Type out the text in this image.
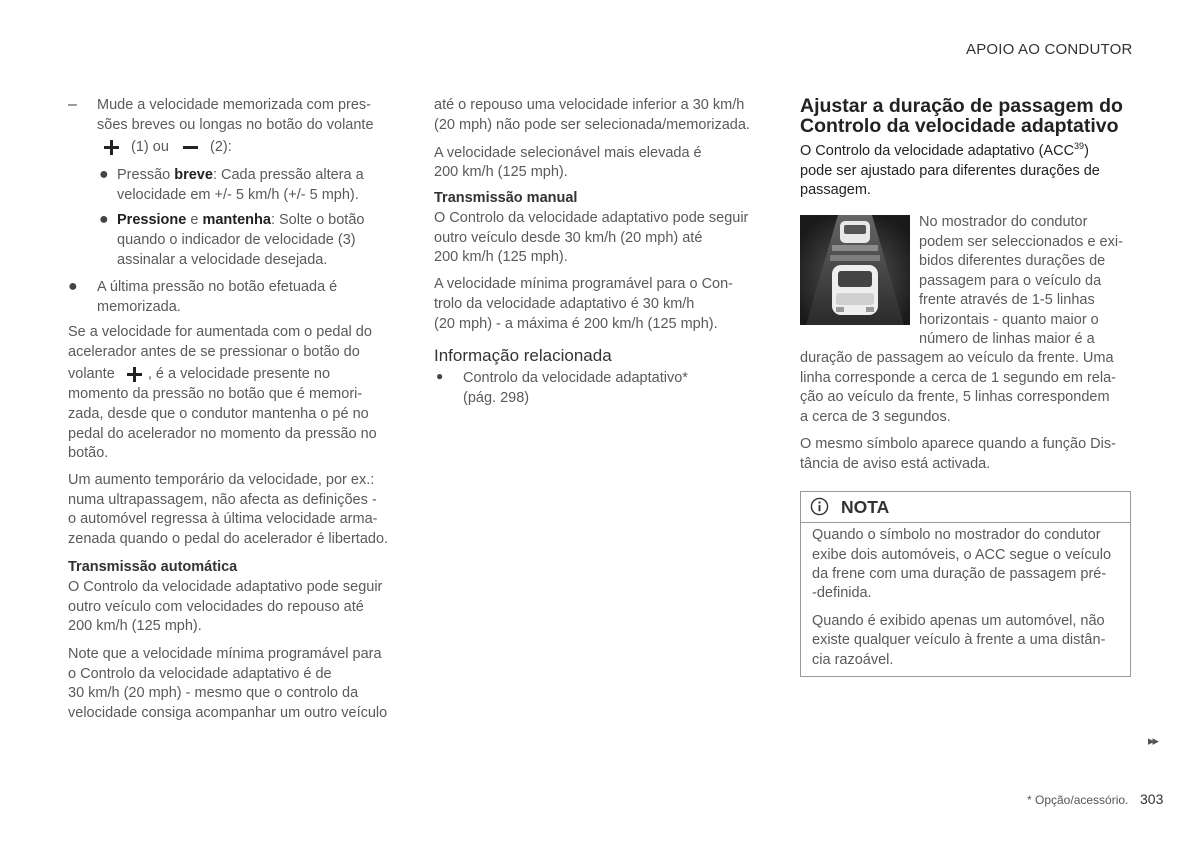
APOIO AO CONDUTOR
– Mude a velocidade memorizada com pres-
sões breves ou longas no botão do volante
(1) ou	(2):
● Pressão breve: Cada pressão altera a
velocidade em +/- 5 km/h (+/- 5 mph).
● Pressione e mantenha: Solte o botão
quando o indicador de velocidade (3)
assinalar a velocidade desejada.
● A última pressão no botão efetuada é
memorizada.
Se a velocidade for aumentada com o pedal do
acelerador antes de se pressionar o botão do
volante , é a velocidade presente no
momento da pressão no botão que é memori-
zada, desde que o condutor mantenha o pé no
pedal do acelerador no momento da pressão no
botão.
Um aumento temporário da velocidade, por ex.:
numa ultrapassagem, não afecta as definições -
o automóvel regressa à última velocidade arma-
zenada quando o pedal do acelerador é libertado.
Transmissão automática
O Controlo da velocidade adaptativo pode seguir
outro veículo com velocidades do repouso até
200 km/h (125 mph).
Note que a velocidade mínima programável para
o Controlo da velocidade adaptativo é de
30 km/h (20 mph) - mesmo que o controlo da
velocidade consiga acompanhar um outro veículo
até o repouso uma velocidade inferior a 30 km/h
(20 mph) não pode ser selecionada/memorizada.
A velocidade selecionável mais elevada é
200 km/h (125 mph).
Transmissão manual
O Controlo da velocidade adaptativo pode seguir
outro veículo desde 30 km/h (20 mph) até
200 km/h (125 mph).
A velocidade mínima programável para o Con-
trolo da velocidade adaptativo é 30 km/h
(20 mph) - a máxima é 200 km/h (125 mph).
Informação relacionada
● Controlo da velocidade adaptativo*
(pág. 298)
Ajustar a duração de passagem do
Controlo da velocidade adaptativo
O Controlo da velocidade adaptativo (ACC$^{39}$)
pode ser ajustado para diferentes durações de
passagem.
No mostrador do condutor
podem ser seleccionados e exi-
bidos diferentes durações de
passagem para o veículo da
frente através de 1-5 linhas
horizontais - quanto maior o
número de linhas maior é a
duração de passagem ao veículo da frente. Uma
linha corresponde a cerca de 1 segundo em rela-
ção ao veículo da frente, 5 linhas correspondem
a cerca de 3 segundos.
O mesmo símbolo aparece quando a função Dis-
tância de aviso está activada.
NOTA
Quando o símbolo no mostrador do condutor
exibe dois automóveis, o ACC segue o veículo
da frene com uma duração de passagem pré-
-definida.
Quando é exibido apenas um automóvel, não
existe qualquer veículo à frente a uma distân-
cia razoável.
▸▸
* Opção/acessório. 303
